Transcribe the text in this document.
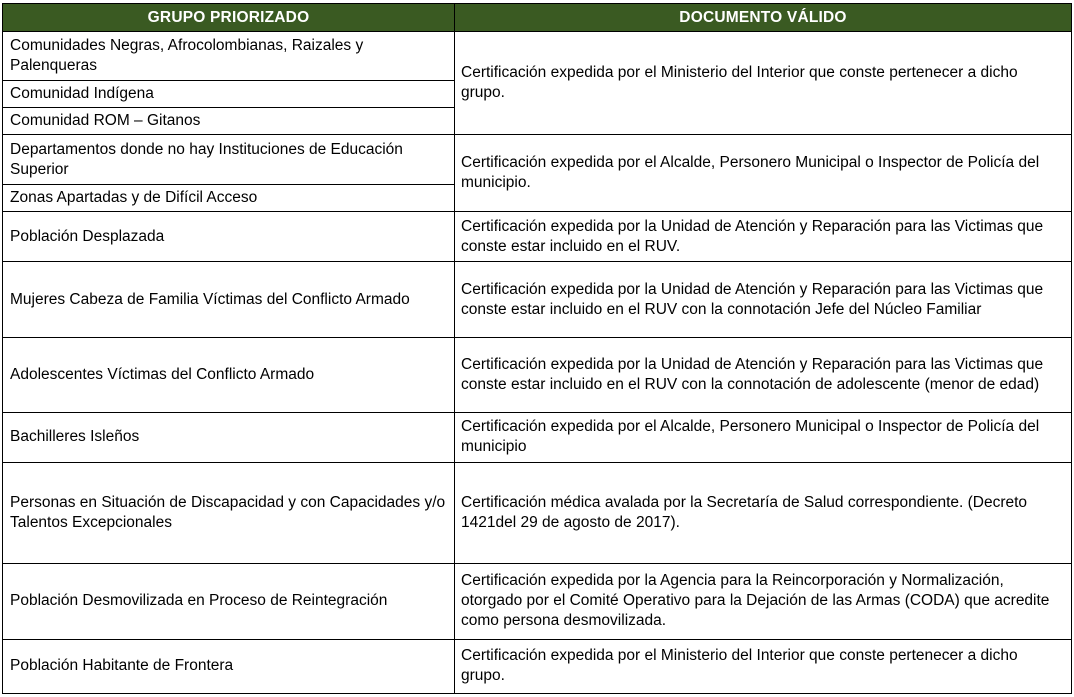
GRUPO PRIORIZADO	DOCUMENTO VÁLIDO
Comunidades Negras, Afrocolombianas, Raizales y Palenqueras	Certificación expedida por el Ministerio del Interior que conste pertenecer a dicho grupo.
Comunidad Indígena	
Comunidad ROM – Gitanos	
Departamentos donde no hay Instituciones de Educación Superior	Certificación expedida por el Alcalde, Personero Municipal o Inspector de Policía del municipio.
Zonas Apartadas y de Difícil Acceso	
Población Desplazada	Certificación expedida por la Unidad de Atención y Reparación para las Victimas que conste estar incluido en el RUV.
Mujeres Cabeza de Familia Víctimas del Conflicto Armado	Certificación expedida por la Unidad de Atención y Reparación para las Victimas que conste estar incluido en el RUV con la connotación Jefe del Núcleo Familiar
Adolescentes Víctimas del Conflicto Armado	Certificación expedida por la Unidad de Atención y Reparación para las Victimas que conste estar incluido en el RUV con la connotación de adolescente (menor de edad)
Bachilleres Isleños	Certificación expedida por el Alcalde, Personero Municipal o Inspector de Policía del municipio
Personas en Situación de Discapacidad y con Capacidades y/o Talentos Excepcionales	Certificación médica avalada por la Secretaría de Salud correspondiente. (Decreto 1421del 29 de agosto de 2017).
Población Desmovilizada en Proceso de Reintegración	Certificación expedida por la Agencia para la Reincorporación y Normalización, otorgado por el Comité Operativo para la Dejación de las Armas (CODA) que acredite como persona desmovilizada.
Población Habitante de Frontera	Certificación expedida por el Ministerio del Interior que conste pertenecer a dicho grupo.
